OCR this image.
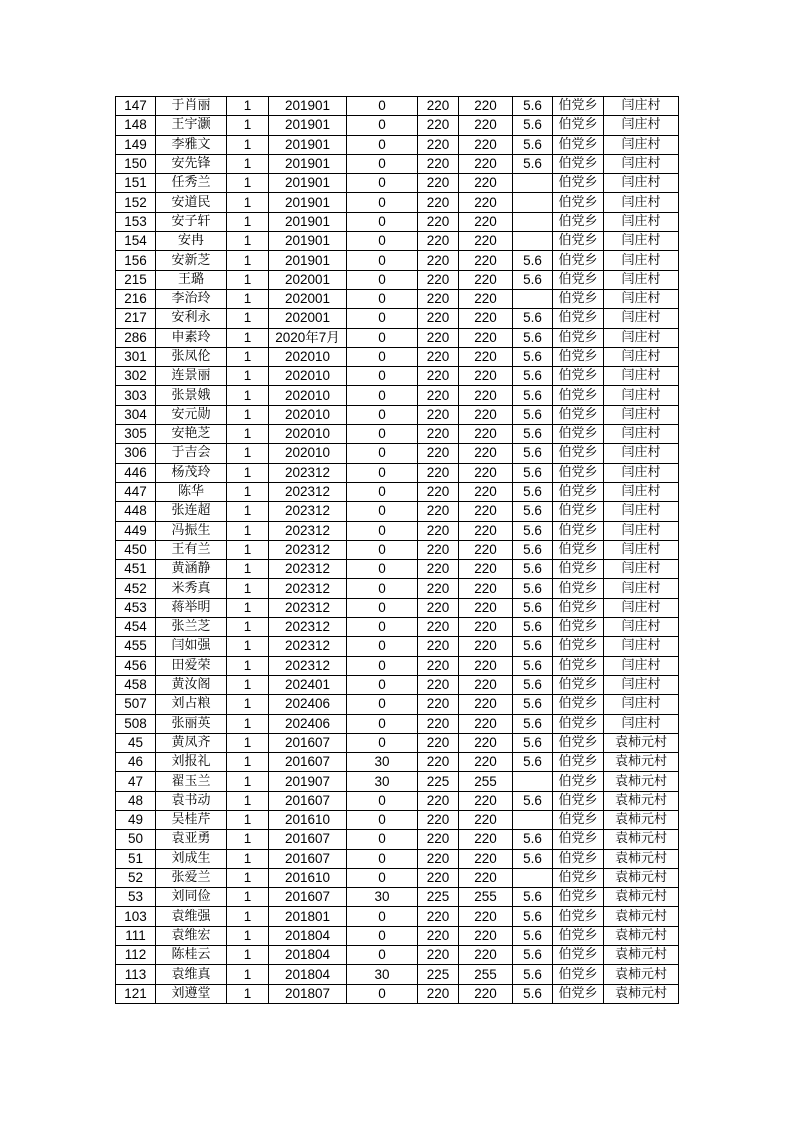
147	于肖丽	1	201901	0	220	220	5.6	伯党乡	闫庄村
148	王宇灏	1	201901	0	220	220	5.6	伯党乡	闫庄村
149	李雅文	1	201901	0	220	220	5.6	伯党乡	闫庄村
150	安先锋	1	201901	0	220	220	5.6	伯党乡	闫庄村
151	任秀兰	1	201901	0	220	220		伯党乡	闫庄村
152	安道民	1	201901	0	220	220		伯党乡	闫庄村
153	安子轩	1	201901	0	220	220		伯党乡	闫庄村
154	安冉	1	201901	0	220	220		伯党乡	闫庄村
156	安新芝	1	201901	0	220	220	5.6	伯党乡	闫庄村
215	王璐	1	202001	0	220	220	5.6	伯党乡	闫庄村
216	李治玲	1	202001	0	220	220		伯党乡	闫庄村
217	安利永	1	202001	0	220	220	5.6	伯党乡	闫庄村
286	申素玲	1	2020年7月	0	220	220	5.6	伯党乡	闫庄村
301	张凤伦	1	202010	0	220	220	5.6	伯党乡	闫庄村
302	连景丽	1	202010	0	220	220	5.6	伯党乡	闫庄村
303	张景娥	1	202010	0	220	220	5.6	伯党乡	闫庄村
304	安元勋	1	202010	0	220	220	5.6	伯党乡	闫庄村
305	安艳芝	1	202010	0	220	220	5.6	伯党乡	闫庄村
306	于吉会	1	202010	0	220	220	5.6	伯党乡	闫庄村
446	杨茂玲	1	202312	0	220	220	5.6	伯党乡	闫庄村
447	陈华	1	202312	0	220	220	5.6	伯党乡	闫庄村
448	张连超	1	202312	0	220	220	5.6	伯党乡	闫庄村
449	冯振生	1	202312	0	220	220	5.6	伯党乡	闫庄村
450	王有兰	1	202312	0	220	220	5.6	伯党乡	闫庄村
451	黄涵静	1	202312	0	220	220	5.6	伯党乡	闫庄村
452	米秀真	1	202312	0	220	220	5.6	伯党乡	闫庄村
453	蒋举明	1	202312	0	220	220	5.6	伯党乡	闫庄村
454	张兰芝	1	202312	0	220	220	5.6	伯党乡	闫庄村
455	闫如强	1	202312	0	220	220	5.6	伯党乡	闫庄村
456	田爱荣	1	202312	0	220	220	5.6	伯党乡	闫庄村
458	黄汝阁	1	202401	0	220	220	5.6	伯党乡	闫庄村
507	刘占粮	1	202406	0	220	220	5.6	伯党乡	闫庄村
508	张丽英	1	202406	0	220	220	5.6	伯党乡	闫庄村
45	黄凤齐	1	201607	0	220	220	5.6	伯党乡	袁柿元村
46	刘报礼	1	201607	30	220	220	5.6	伯党乡	袁柿元村
47	翟玉兰	1	201907	30	225	255		伯党乡	袁柿元村
48	袁书动	1	201607	0	220	220	5.6	伯党乡	袁柿元村
49	吴桂芹	1	201610	0	220	220		伯党乡	袁柿元村
50	袁亚勇	1	201607	0	220	220	5.6	伯党乡	袁柿元村
51	刘成生	1	201607	0	220	220	5.6	伯党乡	袁柿元村
52	张爱兰	1	201610	0	220	220		伯党乡	袁柿元村
53	刘同俭	1	201607	30	225	255	5.6	伯党乡	袁柿元村
103	袁维强	1	201801	0	220	220	5.6	伯党乡	袁柿元村
111	袁维宏	1	201804	0	220	220	5.6	伯党乡	袁柿元村
112	陈桂云	1	201804	0	220	220	5.6	伯党乡	袁柿元村
113	袁维真	1	201804	30	225	255	5.6	伯党乡	袁柿元村
121	刘遵堂	1	201807	0	220	220	5.6	伯党乡	袁柿元村
